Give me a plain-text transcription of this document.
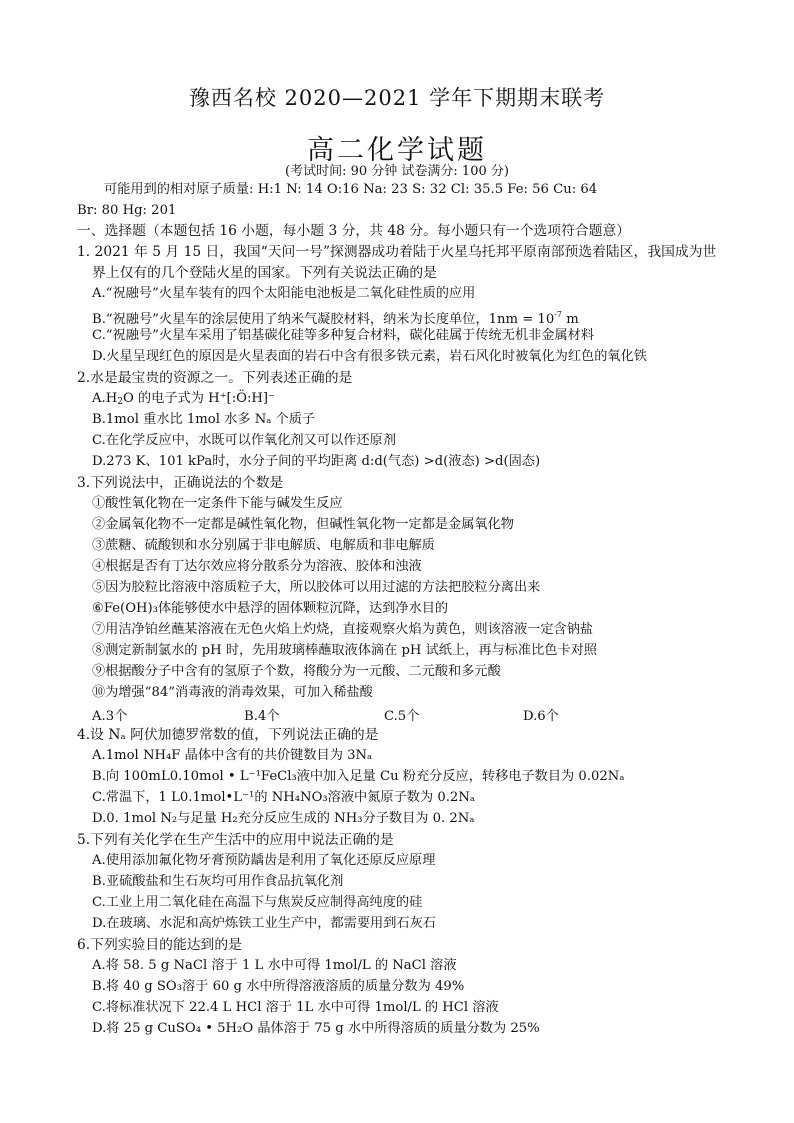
豫西名校 2020—2021 学年下期期末联考
高二化学试题
(考试时间: 90 分钟 试卷满分: 100 分)
可能用到的相对原子质量: H:1 N: 14 O:16 Na: 23 S: 32 Cl: 35.5 Fe: 56 Cu: 64
Br: 80 Hg: 201
一、选择题（本题包括 16 小题，每小题 3 分，共 48 分。每小题只有一个选项符合题意）
1. 2021 年 5 月 15 日，我国“天问一号”探测器成功着陆于火星乌托邦平原南部预选着陆区，我国成为世
界上仅有的几个登陆火星的国家。下列有关说法正确的是
A.“祝融号”火星车装有的四个太阳能电池板是二氧化硅性质的应用
B.“祝融号”火星车的涂层使用了纳米气凝胶材料，纳米为长度单位，$1nm = 10^{-7}$ m
C.“祝融号”火星车采用了铝基碳化硅等多种复合材料，碳化硅属于传统无机非金属材料
D.火星呈现红色的原因是火星表面的岩石中含有很多铁元素，岩石风化时被氧化为红色的氧化铁
2.水是最宝贵的资源之一。下列表述正确的是
$A.H_2O$ 的电子式为 H⁺[:Ö:H]⁻
B.1mol 重水比 1mol 水多 Nₐ 个质子
C.在化学反应中，水既可以作氧化剂又可以作还原剂
D.273 K、101 kPa时，水分子间的平均距离 d:d(气态) >d(液态) >d(固态)
3.下列说法中，正确说法的个数是
①酸性氧化物在一定条件下能与碱发生反应
②金属氧化物不一定都是碱性氧化物，但碱性氧化物一定都是金属氧化物
③蔗糖、硫酸钡和水分别属于非电解质、电解质和非电解质
④根据是否有丁达尔效应将分散系分为溶液、胶体和浊液
⑤因为胶粒比溶液中溶质粒子大，所以胶体可以用过滤的方法把胶粒分离出来
⑥Fe(OH)₃体能够使水中悬浮的固体颗粒沉降，达到净水目的
⑦用洁净铂丝蘸某溶液在无色火焰上灼烧，直接观察火焰为黄色，则该溶液一定含钠盐
⑧测定新制氯水的 pH 时，先用玻璃棒蘸取液体滴在 pH 试纸上，再与标准比色卡对照
⑨根据酸分子中含有的氢原子个数，将酸分为一元酸、二元酸和多元酸
⑩为增强“84”消毒液的消毒效果，可加入稀盐酸
A.3个	B.4个	C.5个	D.6个
4.设 Nₐ 阿伏加德罗常数的值，下列说法正确的是
A.1mol NH₄F 晶体中含有的共价键数目为 3Nₐ
B.向 100mL0.10mol • L⁻¹FeCl₃液中加入足量 Cu 粉充分反应，转移电子数目为 0.02Nₐ
C.常温下，1 L0.1mol•L⁻¹的 NH₄NO₃溶液中氮原子数为 0.2Nₐ
D.0. 1mol N₂与足量 H₂充分反应生成的 NH₃分子数目为 0. 2Nₐ
5.下列有关化学在生产生活中的应用中说法正确的是
A.使用添加氟化物牙膏预防龋齿是利用了氧化还原反应原理
B.亚硫酸盐和生石灰均可用作食品抗氧化剂
C.工业上用二氧化硅在高温下与焦炭反应制得高纯度的硅
D.在玻璃、水泥和高炉炼铁工业生产中，都需要用到石灰石
6.下列实验目的能达到的是
A.将 58. 5 g NaCl 溶于 1 L 水中可得 1mol/L 的 NaCl 溶液
B.将 40 g SO₃溶于 60 g 水中所得溶液溶质的质量分数为 49%
C.将标准状况下 22.4 L HCl 溶于 1L 水中可得 1mol/L 的 HCl 溶液
D.将 25 g CuSO₄ • 5H₂O 晶体溶于 75 g 水中所得溶质的质量分数为 25%
